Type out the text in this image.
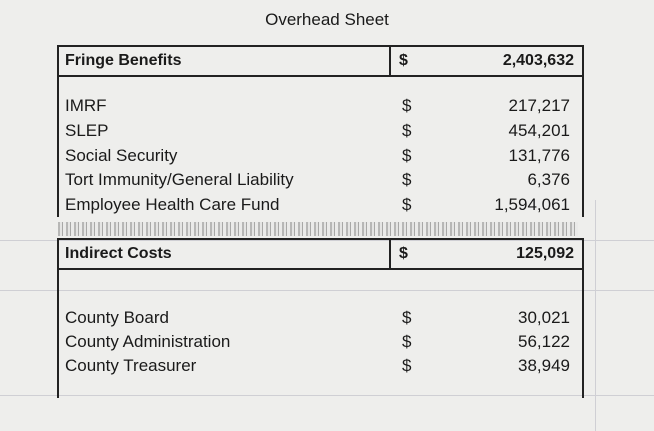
Overhead Sheet
Fringe Benefits	$	2,403,632
IMRF	$	217,217
SLEP	$	454,201
Social Security	$	131,776
Tort Immunity/General Liability	$	6,376
Employee Health Care Fund	$	1,594,061
Indirect Costs	$	125,092
County Board	$	30,021
County Administration	$	56,122
County Treasurer	$	38,949
